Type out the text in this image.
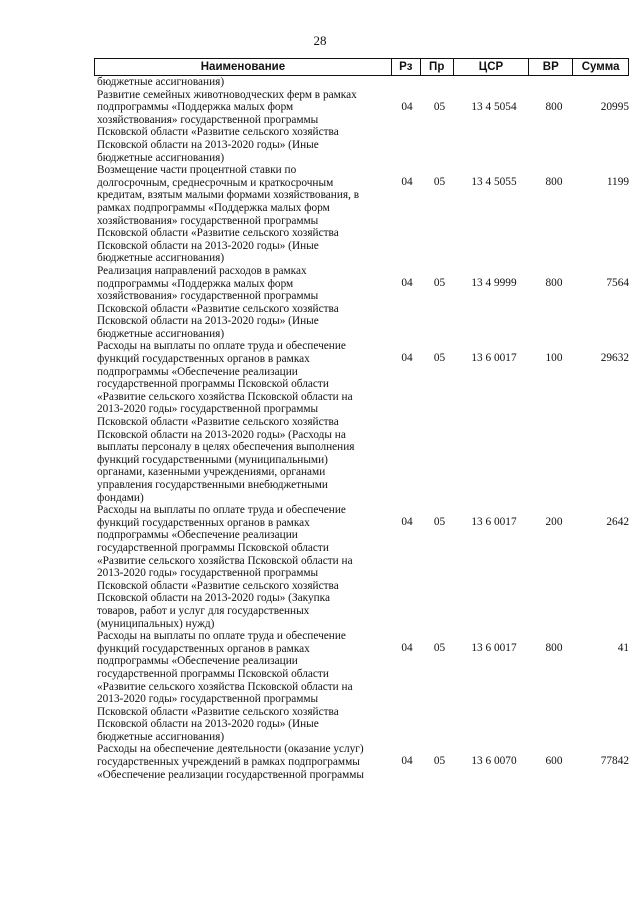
28
Наименование	Рз	Пр	ЦСР	ВР	Сумма
бюджетные ассигнования)
Развитие семейных животноводческих ферм в рамках
подпрограммы «Поддержка малых форм
хозяйствования» государственной программы
Псковской области «Развитие сельского хозяйства
Псковской области на 2013-2020 годы» (Иные
бюджетные ассигнования)
04	05	13 4 5054	800	20995
Возмещение части процентной ставки по
долгосрочным, среднесрочным и краткосрочным
кредитам, взятым малыми формами хозяйствования, в
рамках подпрограммы «Поддержка малых форм
хозяйствования» государственной программы
Псковской области «Развитие сельского хозяйства
Псковской области на 2013-2020 годы» (Иные
бюджетные ассигнования)
04	05	13 4 5055	800	1199
Реализация направлений расходов в рамках
подпрограммы «Поддержка малых форм
хозяйствования» государственной программы
Псковской области «Развитие сельского хозяйства
Псковской области на 2013-2020 годы» (Иные
бюджетные ассигнования)
04	05	13 4 9999	800	7564
Расходы на выплаты по оплате труда и обеспечение
функций государственных органов в рамках
подпрограммы «Обеспечение реализации
государственной программы Псковской области
«Развитие сельского хозяйства Псковской области на
2013-2020 годы» государственной программы
Псковской области «Развитие сельского хозяйства
Псковской области на 2013-2020 годы» (Расходы на
выплаты персоналу в целях обеспечения выполнения
функций государственными (муниципальными)
органами, казенными учреждениями, органами
управления государственными внебюджетными
фондами)
04	05	13 6 0017	100	29632
Расходы на выплаты по оплате труда и обеспечение
функций государственных органов в рамках
подпрограммы «Обеспечение реализации
государственной программы Псковской области
«Развитие сельского хозяйства Псковской области на
2013-2020 годы» государственной программы
Псковской области «Развитие сельского хозяйства
Псковской области на 2013-2020 годы» (Закупка
товаров, работ и услуг для государственных
(муниципальных) нужд)
04	05	13 6 0017	200	2642
Расходы на выплаты по оплате труда и обеспечение
функций государственных органов в рамках
подпрограммы «Обеспечение реализации
государственной программы Псковской области
«Развитие сельского хозяйства Псковской области на
2013-2020 годы» государственной программы
Псковской области «Развитие сельского хозяйства
Псковской области на 2013-2020 годы» (Иные
бюджетные ассигнования)
04	05	13 6 0017	800	41
Расходы на обеспечение деятельности (оказание услуг)
государственных учреждений в рамках подпрограммы
«Обеспечение реализации государственной программы
04	05	13 6 0070	600	77842
